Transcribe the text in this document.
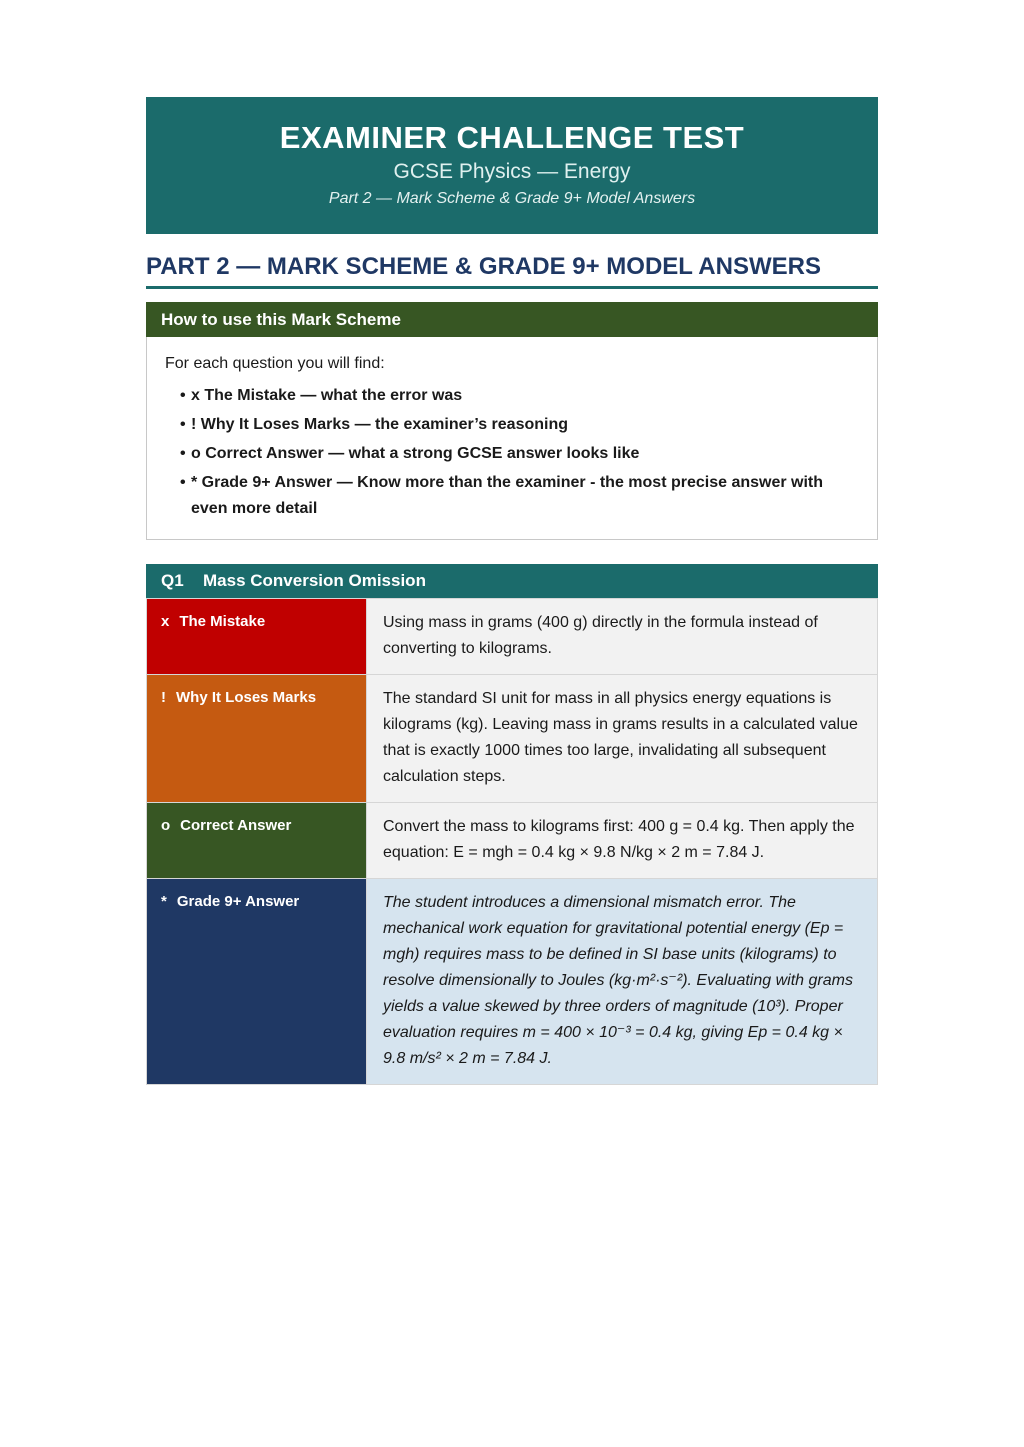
EXAMINER CHALLENGE TEST
GCSE Physics — Energy
Part 2 — Mark Scheme & Grade 9+ Model Answers
PART 2 — MARK SCHEME & GRADE 9+ MODEL ANSWERS
How to use this Mark Scheme
For each question you will find:
• x The Mistake — what the error was
• ! Why It Loses Marks — the examiner’s reasoning
• o Correct Answer — what a strong GCSE answer looks like
• * Grade 9+ Answer — Know more than the examiner - the most precise answer with even more detail
Q1 Mass Conversion Omission
x The Mistake	Using mass in grams (400 g) directly in the formula instead of converting to kilograms.
! Why It Loses Marks	The standard SI unit for mass in all physics energy equations is kilograms (kg). Leaving mass in grams results in a calculated value that is exactly 1000 times too large, invalidating all subsequent calculation steps.
o Correct Answer	Convert the mass to kilograms first: 400 g = 0.4 kg. Then apply the equation: E = mgh = 0.4 kg × 9.8 N/kg × 2 m = 7.84 J.
* Grade 9+ Answer	The student introduces a dimensional mismatch error. The mechanical work equation for gravitational potential energy (Ep = mgh) requires mass to be defined in SI base units (kilograms) to resolve dimensionally to Joules (kg·m²·s⁻²). Evaluating with grams yields a value skewed by three orders of magnitude (10³). Proper evaluation requires m = 400 × 10⁻³ = 0.4 kg, giving Ep = 0.4 kg × 9.8 m/s² × 2 m = 7.84 J.
